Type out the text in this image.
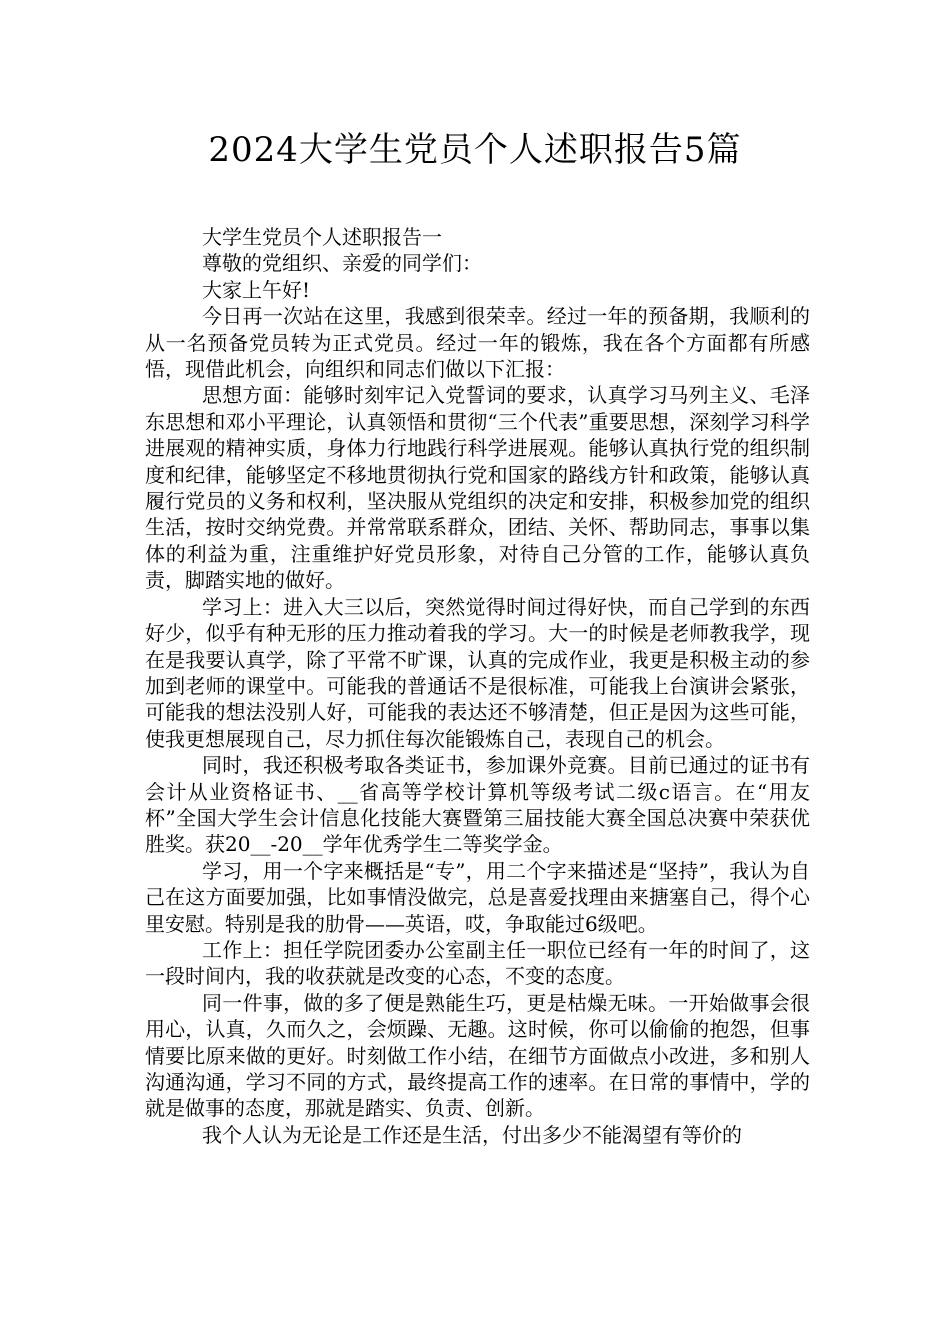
2024大学生党员个人述职报告5篇

大学生党员个人述职报告一

尊敬的党组织、亲爱的同学们：

大家上午好!

今日再一次站在这里，我感到很荣幸。经过一年的预备期，我顺利的从一名预备党员转为正式党员。经过一年的锻炼，我在各个方面都有所感悟，现借此机会，向组织和同志们做以下汇报：

思想方面：能够时刻牢记入党誓词的要求，认真学习马列主义、毛泽东思想和邓小平理论，认真领悟和贯彻“三个代表”重要思想，深刻学习科学进展观的精神实质，身体力行地践行科学进展观。能够认真执行党的组织制度和纪律，能够坚定不移地贯彻执行党和国家的路线方针和政策，能够认真履行党员的义务和权利，坚决服从党组织的决定和安排，积极参加党的组织生活，按时交纳党费。并常常联系群众，团结、关怀、帮助同志，事事以集体的利益为重，注重维护好党员形象，对待自己分管的工作，能够认真负责，脚踏实地的做好。

学习上：进入大三以后，突然觉得时间过得好快，而自己学到的东西好少，似乎有种无形的压力推动着我的学习。大一的时候是老师教我学，现在是我要认真学，除了平常不旷课，认真的完成作业，我更是积极主动的参加到老师的课堂中。可能我的普通话不是很标准，可能我上台演讲会紧张，可能我的想法没别人好，可能我的表达还不够清楚，但正是因为这些可能，使我更想展现自己，尽力抓住每次能锻炼自己，表现自己的机会。

同时，我还积极考取各类证书，参加课外竞赛。目前已通过的证书有会计从业资格证书、__省高等学校计算机等级考试二级c语言。在“用友杯”全国大学生会计信息化技能大赛暨第三届技能大赛全国总决赛中荣获优胜奖。获20__-20__学年优秀学生二等奖学金。

学习，用一个字来概括是“专”，用二个字来描述是“坚持”，我认为自己在这方面要加强，比如事情没做完，总是喜爱找理由来搪塞自己，得个心里安慰。特别是我的肋骨——英语，哎，争取能过6级吧。

工作上：担任学院团委办公室副主任一职位已经有一年的时间了，这一段时间内，我的收获就是改变的心态，不变的态度。

同一件事，做的多了便是熟能生巧，更是枯燥无味。一开始做事会很用心，认真，久而久之，会烦躁、无趣。这时候，你可以偷偷的抱怨，但事情要比原来做的更好。时刻做工作小结，在细节方面做点小改进，多和别人沟通沟通，学习不同的方式，最终提高工作的速率。在日常的事情中，学的就是做事的态度，那就是踏实、负责、创新。

我个人认为无论是工作还是生活，付出多少不能渴望有等价的
